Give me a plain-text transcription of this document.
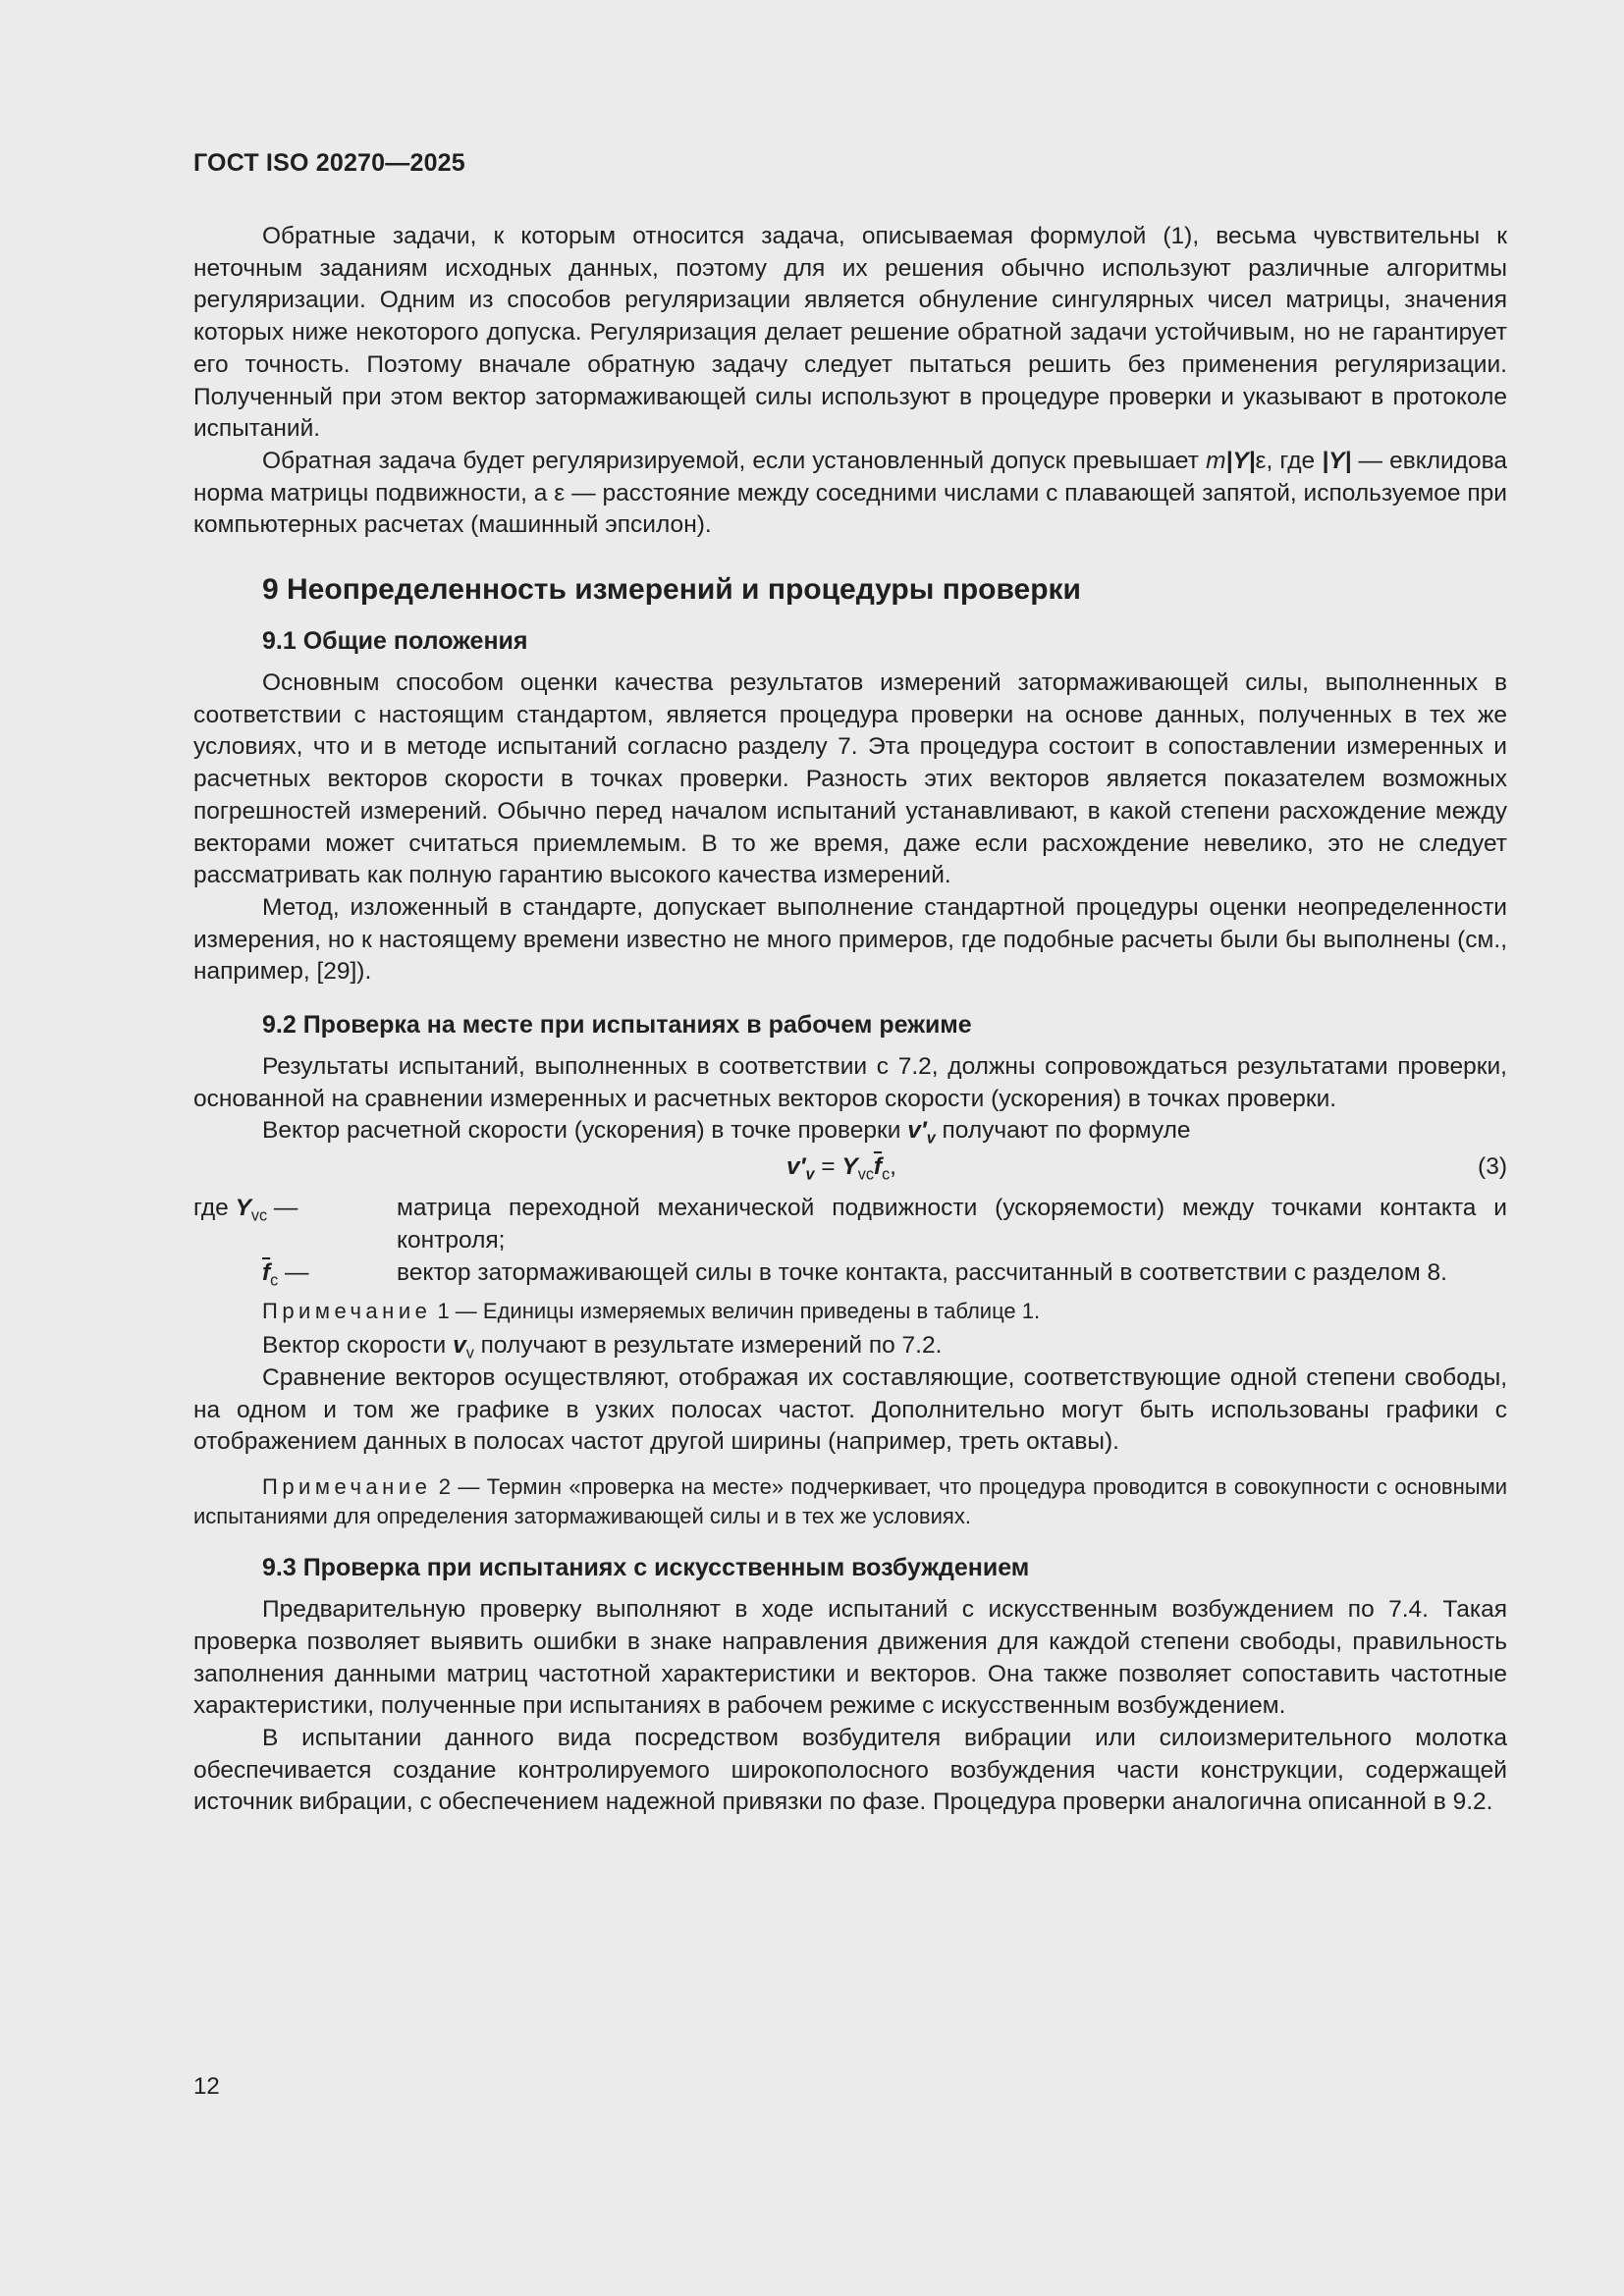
ГОСТ ISO 20270—2025

Обратные задачи, к которым относится задача, описываемая формулой (1), весьма чувствительны к неточным заданиям исходных данных, поэтому для их решения обычно используют различные алгоритмы регуляризации. Одним из способов регуляризации является обнуление сингулярных чисел матрицы, значения которых ниже некоторого допуска. Регуляризация делает решение обратной задачи устойчивым, но не гарантирует его точность. Поэтому вначале обратную задачу следует пытаться решить без применения регуляризации. Полученный при этом вектор затормаживающей силы используют в процедуре проверки и указывают в протоколе испытаний.

Обратная задача будет регуляризируемой, если установленный допуск превышает m|Y|ε, где |Y| — евклидова норма матрицы подвижности, а ε — расстояние между соседними числами с плавающей запятой, используемое при компьютерных расчетах (машинный эпсилон).

9 Неопределенность измерений и процедуры проверки
9.1 Общие положения

Основным способом оценки качества результатов измерений затормаживающей силы, выполненных в соответствии с настоящим стандартом, является процедура проверки на основе данных, полученных в тех же условиях, что и в методе испытаний согласно разделу 7. Эта процедура состоит в сопоставлении измеренных и расчетных векторов скорости в точках проверки. Разность этих векторов является показателем возможных погрешностей измерений. Обычно перед началом испытаний устанавливают, в какой степени расхождение между векторами может считаться приемлемым. В то же время, даже если расхождение невелико, это не следует рассматривать как полную гарантию высокого качества измерений.

Метод, изложенный в стандарте, допускает выполнение стандартной процедуры оценки неопределенности измерения, но к настоящему времени известно не много примеров, где подобные расчеты были бы выполнены (см., например, [29]).

9.2 Проверка на месте при испытаниях в рабочем режиме

Результаты испытаний, выполненных в соответствии с 7.2, должны сопровождаться результатами проверки, основанной на сравнении измеренных и расчетных векторов скорости (ускорения) в точках проверки.

Вектор расчетной скорости (ускорения) в точке проверки $v'_v$ получают по формуле

$v'_v = Y_{vc}\overline{f}_c$,	(3)
где $Y_{vc}$ —	матрица переходной механической подвижности (ускоряемости) между точками контакта и контроля;
$\overline{f}_c$ —	вектор затормаживающей силы в точке контакта, рассчитанный в соответствии с разделом 8.
Примечание 1 — Единицы измеряемых величин приведены в таблице 1.

Вектор скорости $v_v$ получают в результате измерений по 7.2.

Сравнение векторов осуществляют, отображая их составляющие, соответствующие одной степени свободы, на одном и том же графике в узких полосах частот. Дополнительно могут быть использованы графики с отображением данных в полосах частот другой ширины (например, треть октавы).

Примечание 2 — Термин «проверка на месте» подчеркивает, что процедура проводится в совокупности с основными испытаниями для определения затормаживающей силы и в тех же условиях.
9.3 Проверка при испытаниях с искусственным возбуждением

Предварительную проверку выполняют в ходе испытаний с искусственным возбуждением по 7.4. Такая проверка позволяет выявить ошибки в знаке направления движения для каждой степени свободы, правильность заполнения данными матриц частотной характеристики и векторов. Она также позволяет сопоставить частотные характеристики, полученные при испытаниях в рабочем режиме с искусственным возбуждением.

В испытании данного вида посредством возбудителя вибрации или силоизмерительного молотка обеспечивается создание контролируемого широкополосного возбуждения части конструкции, содержащей источник вибрации, с обеспечением надежной привязки по фазе. Процедура проверки аналогична описанной в 9.2.

12
